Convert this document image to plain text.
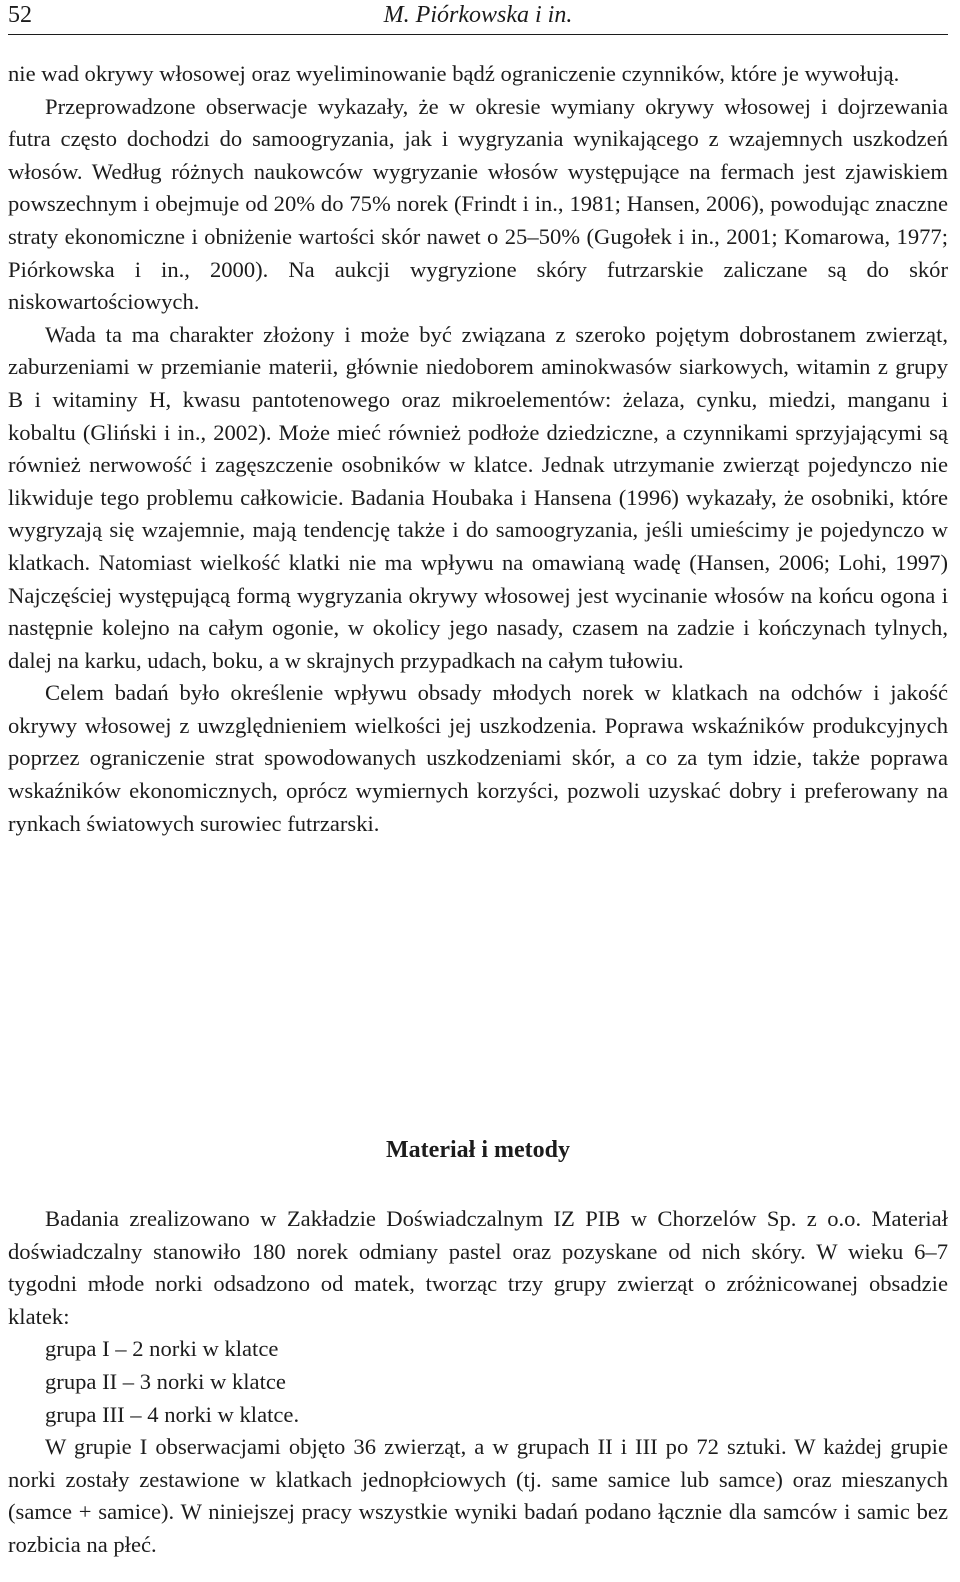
52	M. Piórkowska i in.

nie wad okrywy włosowej oraz wyeliminowanie bądź ograniczenie czynników, które je wywołują.

Przeprowadzone obserwacje wykazały, że w okresie wymiany okrywy włosowej i dojrzewania futra często dochodzi do samoogryzania, jak i wygryzania wynikającego z wzajemnych uszkodzeń włosów. Według różnych naukowców wygryzanie włosów występujące na fermach jest zjawiskiem powszechnym i obejmuje od 20% do 75% norek (Frindt i in., 1981; Hansen, 2006), powodując znaczne straty ekonomiczne i obniżenie wartości skór nawet o 25–50% (Gugołek i in., 2001; Komarowa, 1977; Piórkowska i in., 2000). Na aukcji wygryzione skóry futrzarskie zaliczane są do skór niskowartościowych.

Wada ta ma charakter złożony i może być związana z szeroko pojętym dobrostanem zwierząt, zaburzeniami w przemianie materii, głównie niedoborem aminokwasów siarkowych, witamin z grupy B i witaminy H, kwasu pantotenowego oraz mikroelementów: żelaza, cynku, miedzi, manganu i kobaltu (Gliński i in., 2002). Może mieć również podłoże dziedziczne, a czynnikami sprzyjającymi są również nerwowość i zagęszczenie osobników w klatce. Jednak utrzymanie zwierząt pojedynczo nie likwiduje tego problemu całkowicie. Badania Houbaka i Hansena (1996) wykazały, że osobniki, które wygryzają się wzajemnie, mają tendencję także i do samoogryzania, jeśli umieścimy je pojedynczo w klatkach. Natomiast wielkość klatki nie ma wpływu na omawianą wadę (Hansen, 2006; Lohi, 1997) Najczęściej występującą formą wygryzania okrywy włosowej jest wycinanie włosów na końcu ogona i następnie kolejno na całym ogonie, w okolicy jego nasady, czasem na zadzie i kończynach tylnych, dalej na karku, udach, boku, a w skrajnych przypadkach na całym tułowiu.

Celem badań było określenie wpływu obsady młodych norek w klatkach na odchów i jakość okrywy włosowej z uwzględnieniem wielkości jej uszkodzenia. Poprawa wskaźników produkcyjnych poprzez ograniczenie strat spowodowanych uszkodzeniami skór, a co za tym idzie, także poprawa wskaźników ekonomicznych, oprócz wymiernych korzyści, pozwoli uzyskać dobry i preferowany na rynkach światowych surowiec futrzarski.

Materiał i metody

Badania zrealizowano w Zakładzie Doświadczalnym IZ PIB w Chorzelów Sp. z o.o. Materiał doświadczalny stanowiło 180 norek odmiany pastel oraz pozyskane od nich skóry. W wieku 6–7 tygodni młode norki odsadzono od matek, tworząc trzy grupy zwierząt o zróżnicowanej obsadzie klatek:

grupa I – 2 norki w klatce
grupa II – 3 norki w klatce
grupa III – 4 norki w klatce.

W grupie I obserwacjami objęto 36 zwierząt, a w grupach II i III po 72 sztuki. W każdej grupie norki zostały zestawione w klatkach jednopłciowych (tj. same samice lub samce) oraz mieszanych (samce + samice). W niniejszej pracy wszystkie wyniki badań podano łącznie dla samców i samic bez rozbicia na płeć.
